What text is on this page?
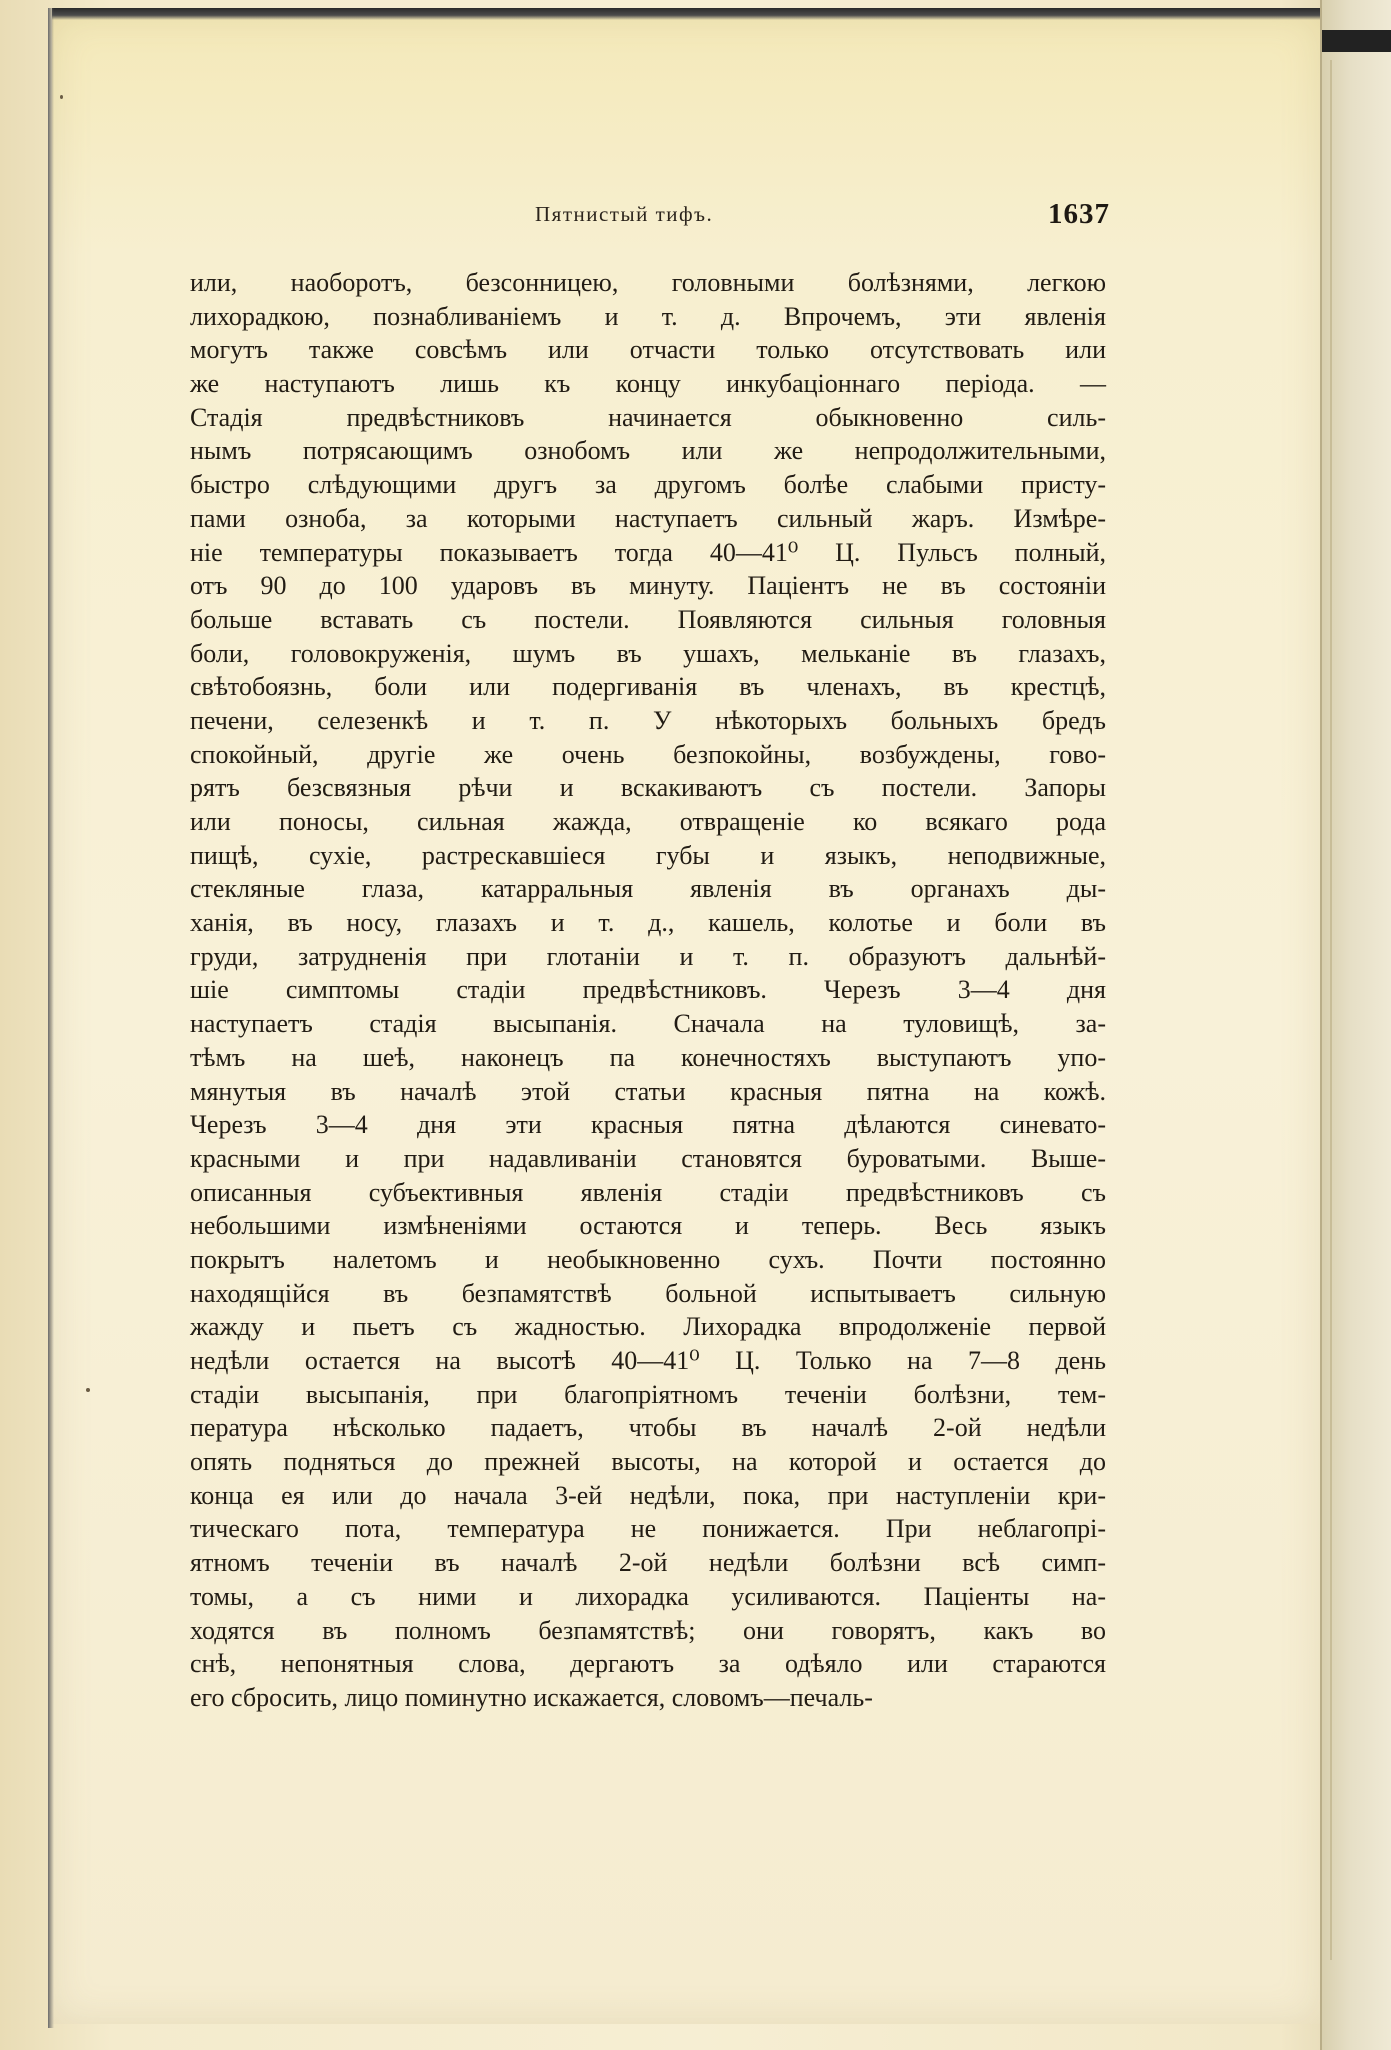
Пятнистый тифъ.	1637
или, наоборотъ, безсонницею, головными болѣзнями, легкою
лихорадкою, познабливаніемъ и т. д. Впрочемъ, эти явленія
могутъ также совсѣмъ или отчасти только отсутствовать или
же наступаютъ лишь къ концу инкубаціоннаго періода. —
Стадія предвѣстниковъ начинается обыкновенно силь-
нымъ потрясающимъ ознобомъ или же непродолжительными,
быстро слѣдующими другъ за другомъ болѣе слабыми присту-
пами озноба, за которыми наступаетъ сильный жаръ. Измѣре-
ніе температуры показываетъ тогда 40—41⁰ Ц. Пульсъ полный,
отъ 90 до 100 ударовъ въ минуту. Паціентъ не въ состояніи
больше вставать съ постели. Появляются сильныя головныя
боли, головокруженія, шумъ въ ушахъ, мельканіе въ глазахъ,
свѣтобоязнь, боли или подергиванія въ членахъ, въ крестцѣ,
печени, селезенкѣ и т. п. У нѣкоторыхъ больныхъ бредъ
спокойный, другіе же очень безпокойны, возбуждены, гово-
рятъ безсвязныя рѣчи и вскакиваютъ съ постели. Запоры
или поносы, сильная жажда, отвращеніе ко всякаго рода
пищѣ, сухіе, растрескавшіеся губы и языкъ, неподвижные,
стекляные глаза, катарральныя явленія въ органахъ ды-
ханія, въ носу, глазахъ и т. д., кашель, колотье и боли въ
груди, затрудненія при глотаніи и т. п. образуютъ дальнѣй-
шіе симптомы стадіи предвѣстниковъ. Черезъ 3—4 дня
наступаетъ стадія высыпанія. Сначала на туловищѣ, за-
тѣмъ на шеѣ, наконецъ па конечностяхъ выступаютъ упо-
мянутыя въ началѣ этой статьи красныя пятна на кожѣ.
Черезъ 3—4 дня эти красныя пятна дѣлаются синевато-
красными и при надавливаніи становятся буроватыми. Выше-
описанныя субъективныя явленія стадіи предвѣстниковъ съ
небольшими измѣненіями остаются и теперь. Весь языкъ
покрытъ налетомъ и необыкновенно сухъ. Почти постоянно
находящійся въ безпамятствѣ больной испытываетъ сильную
жажду и пьетъ съ жадностью. Лихорадка впродолженіе первой
недѣли остается на высотѣ 40—41⁰ Ц. Только на 7—8 день
стадіи высыпанія, при благопріятномъ теченіи болѣзни, тем-
пература нѣсколько падаетъ, чтобы въ началѣ 2-ой недѣли
опять подняться до прежней высоты, на которой и остается до
конца ея или до начала 3-ей недѣли, пока, при наступленіи кри-
тическаго пота, температура не понижается. При неблагопрі-
ятномъ теченіи въ началѣ 2-ой недѣли болѣзни всѣ симп-
томы, а съ ними и лихорадка усиливаются. Паціенты на-
ходятся въ полномъ безпамятствѣ; они говорятъ, какъ во
снѣ, непонятныя слова, дергаютъ за одѣяло или стараются
его сбросить, лицо поминутно искажается, словомъ—печаль-
